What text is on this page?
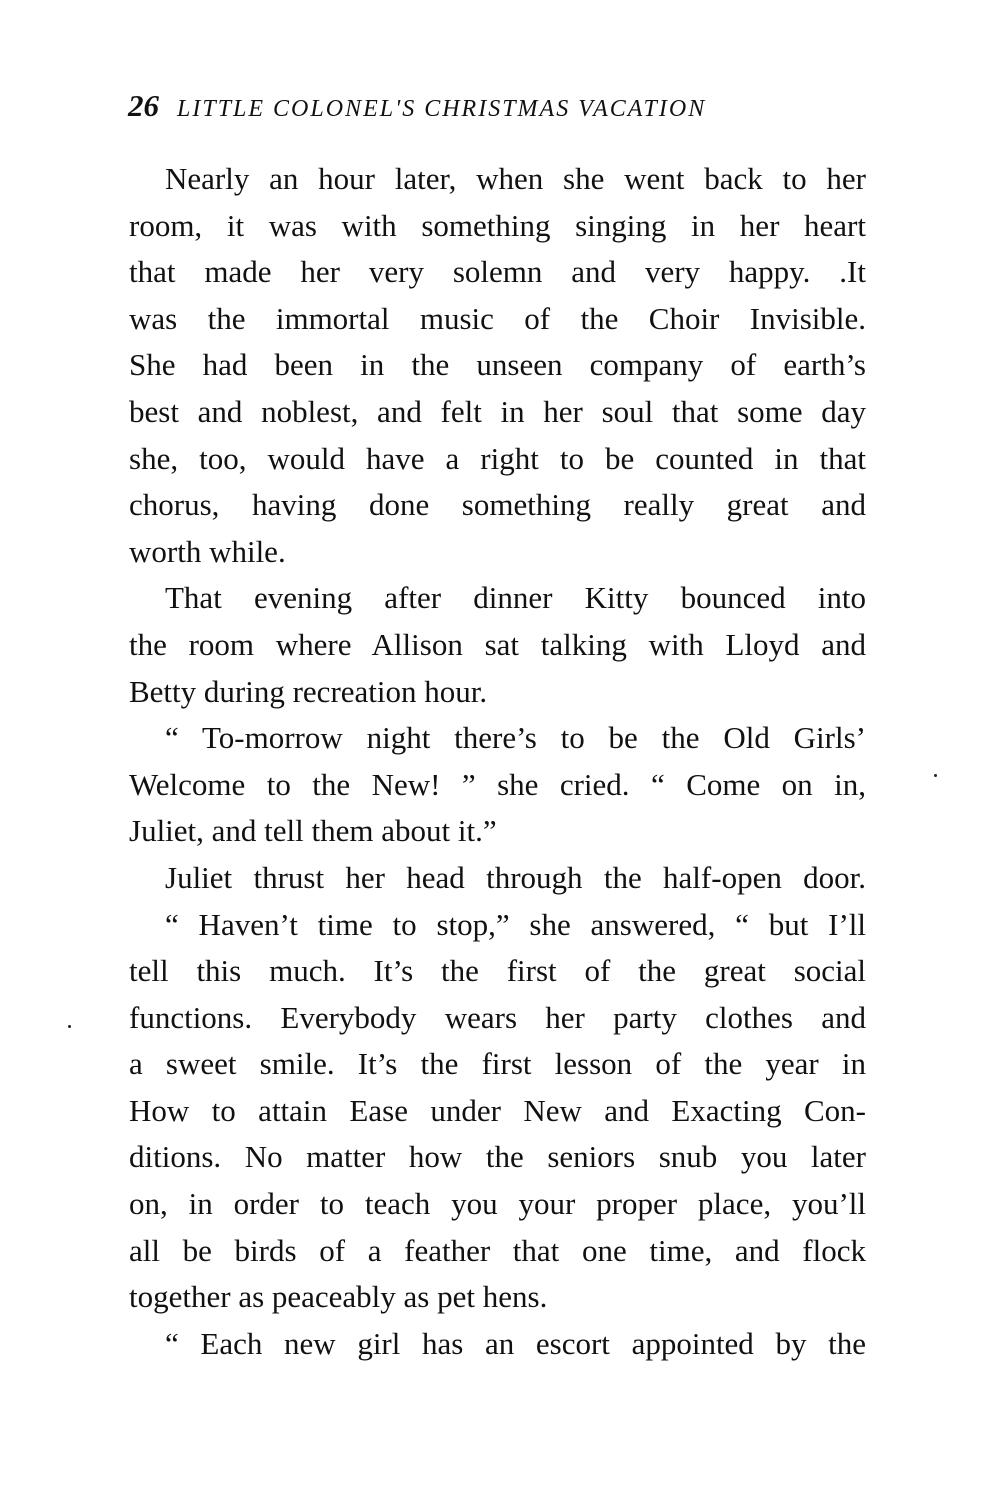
26 LITTLE COLONEL'S CHRISTMAS VACATION
Nearly an hour later, when she went back to her
room, it was with something singing in her heart
that made her very solemn and very happy. .It
was the immortal music of the Choir Invisible.
She had been in the unseen company of earth’s
best and noblest, and felt in her soul that some day
she, too, would have a right to be counted in that
chorus, having done something really great and
worth while.
That evening after dinner Kitty bounced into
the room where Allison sat talking with Lloyd and
Betty during recreation hour.
“ To-morrow night there’s to be the Old Girls’
Welcome to the New! ” she cried. “ Come on in,
Juliet, and tell them about it.”
Juliet thrust her head through the half-open door.
“ Haven’t time to stop,” she answered, “ but I’ll
tell this much. It’s the first of the great social
functions. Everybody wears her party clothes and
a sweet smile. It’s the first lesson of the year in
How to attain Ease under New and Exacting Con-
ditions. No matter how the seniors snub you later
on, in order to teach you your proper place, you’ll
all be birds of a feather that one time, and flock
together as peaceably as pet hens.
“ Each new girl has an escort appointed by the
